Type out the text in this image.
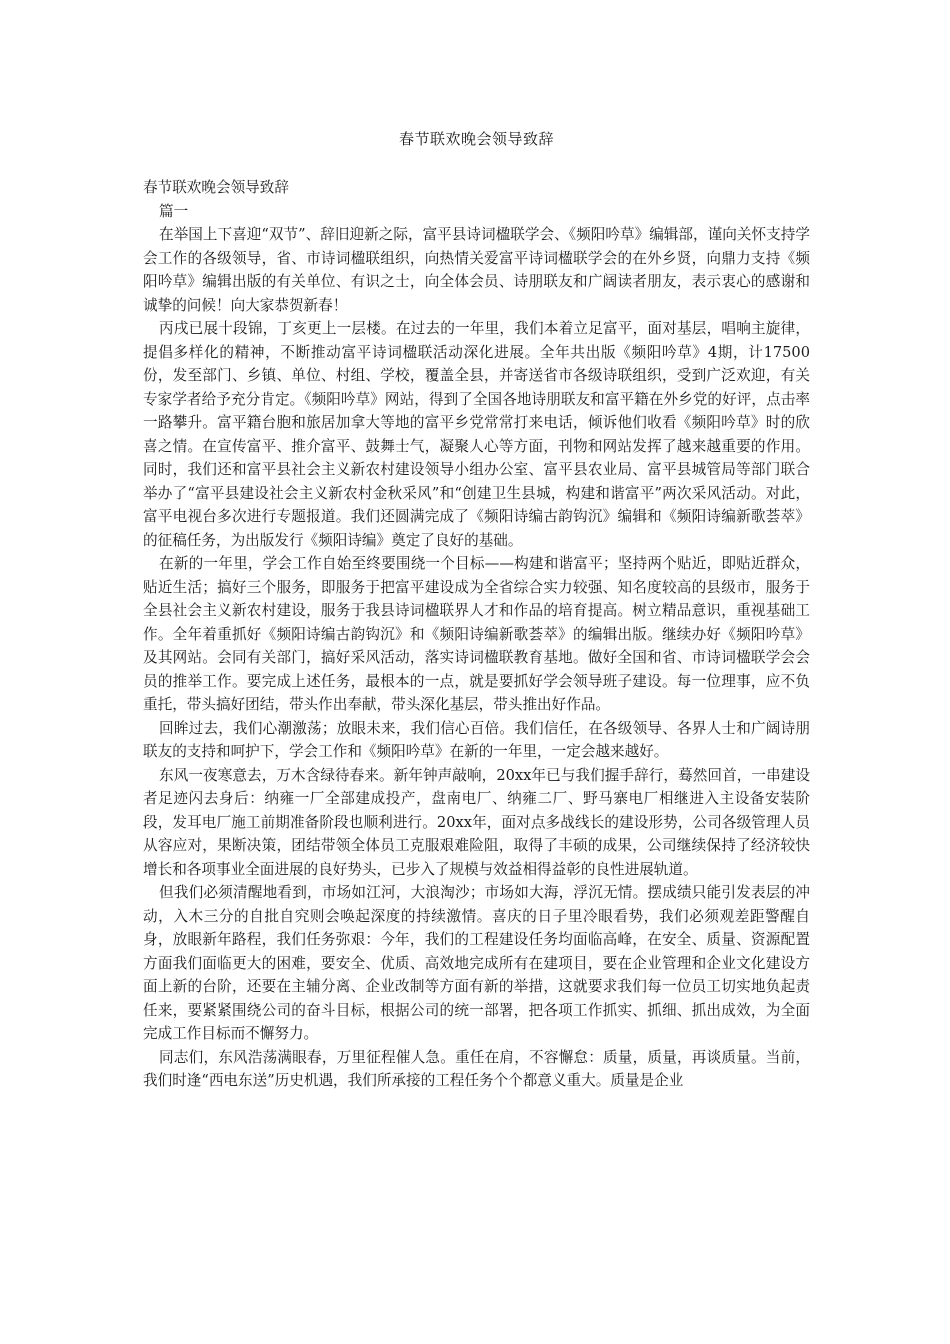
春节联欢晚会领导致辞

春节联欢晚会领导致辞

篇一

在举国上下喜迎“双节”、辞旧迎新之际，富平县诗词楹联学会、《频阳吟草》编辑部，谨向关怀支持学会工作的各级领导，省、市诗词楹联组织，向热情关爱富平诗词楹联学会的在外乡贤，向鼎力支持《频阳吟草》编辑出版的有关单位、有识之士，向全体会员、诗朋联友和广阔读者朋友，表示衷心的感谢和诚挚的问候！向大家恭贺新春！

丙戌已展十段锦，丁亥更上一层楼。在过去的一年里，我们本着立足富平，面对基层，唱响主旋律，提倡多样化的精神，不断推动富平诗词楹联活动深化进展。全年共出版《频阳吟草》4期，计17500份，发至部门、乡镇、单位、村组、学校，覆盖全县，并寄送省市各级诗联组织，受到广泛欢迎，有关专家学者给予充分肯定。《频阳吟草》网站，得到了全国各地诗朋联友和富平籍在外乡党的好评，点击率一路攀升。富平籍台胞和旅居加拿大等地的富平乡党常常打来电话，倾诉他们收看《频阳吟草》时的欣喜之情。在宣传富平、推介富平、鼓舞士气，凝聚人心等方面，刊物和网站发挥了越来越重要的作用。同时，我们还和富平县社会主义新农村建设领导小组办公室、富平县农业局、富平县城管局等部门联合举办了“富平县建设社会主义新农村金秋采风”和“创建卫生县城，构建和谐富平”两次采风活动。对此，富平电视台多次进行专题报道。我们还圆满完成了《频阳诗编古韵钩沉》编辑和《频阳诗编新歌荟萃》的征稿任务，为出版发行《频阳诗编》奠定了良好的基础。

在新的一年里，学会工作自始至终要围绕一个目标——构建和谐富平；坚持两个贴近，即贴近群众，贴近生活；搞好三个服务，即服务于把富平建设成为全省综合实力较强、知名度较高的县级市，服务于全县社会主义新农村建设，服务于我县诗词楹联界人才和作品的培育提高。树立精品意识，重视基础工作。全年着重抓好《频阳诗编古韵钩沉》和《频阳诗编新歌荟萃》的编辑出版。继续办好《频阳吟草》及其网站。会同有关部门，搞好采风活动，落实诗词楹联教育基地。做好全国和省、市诗词楹联学会会员的推举工作。要完成上述任务，最根本的一点，就是要抓好学会领导班子建设。每一位理事，应不负重托，带头搞好团结，带头作出奉献，带头深化基层，带头推出好作品。

回眸过去，我们心潮激荡；放眼未来，我们信心百倍。我们信任，在各级领导、各界人士和广阔诗朋联友的支持和呵护下，学会工作和《频阳吟草》在新的一年里，一定会越来越好。

东风一夜寒意去，万木含绿待春来。新年钟声敲响，20xx年已与我们握手辞行，蓦然回首，一串建设者足迹闪去身后：纳雍一厂全部建成投产，盘南电厂、纳雍二厂、野马寨电厂相继进入主设备安装阶段，发耳电厂施工前期准备阶段也顺利进行。20xx年，面对点多战线长的建设形势，公司各级管理人员从容应对，果断决策，团结带领全体员工克服艰难险阻，取得了丰硕的成果，公司继续保持了经济较快增长和各项事业全面进展的良好势头，已步入了规模与效益相得益彰的良性进展轨道。

但我们必须清醒地看到，市场如江河，大浪淘沙；市场如大海，浮沉无情。摆成绩只能引发表层的冲动，入木三分的自批自究则会唤起深度的持续激情。喜庆的日子里冷眼看势，我们必须观差距警醒自身，放眼新年路程，我们任务弥艰：今年，我们的工程建设任务均面临高峰，在安全、质量、资源配置方面我们面临更大的困难，要安全、优质、高效地完成所有在建项目，要在企业管理和企业文化建设方面上新的台阶，还要在主辅分离、企业改制等方面有新的举措，这就要求我们每一位员工切实地负起责任来，要紧紧围绕公司的奋斗目标，根据公司的统一部署，把各项工作抓实、抓细、抓出成效，为全面完成工作目标而不懈努力。

同志们，东风浩荡满眼春，万里征程催人急。重任在肩，不容懈怠：质量，质量，再谈质量。当前，我们时逢“西电东送”历史机遇，我们所承接的工程任务个个都意义重大。质量是企业
